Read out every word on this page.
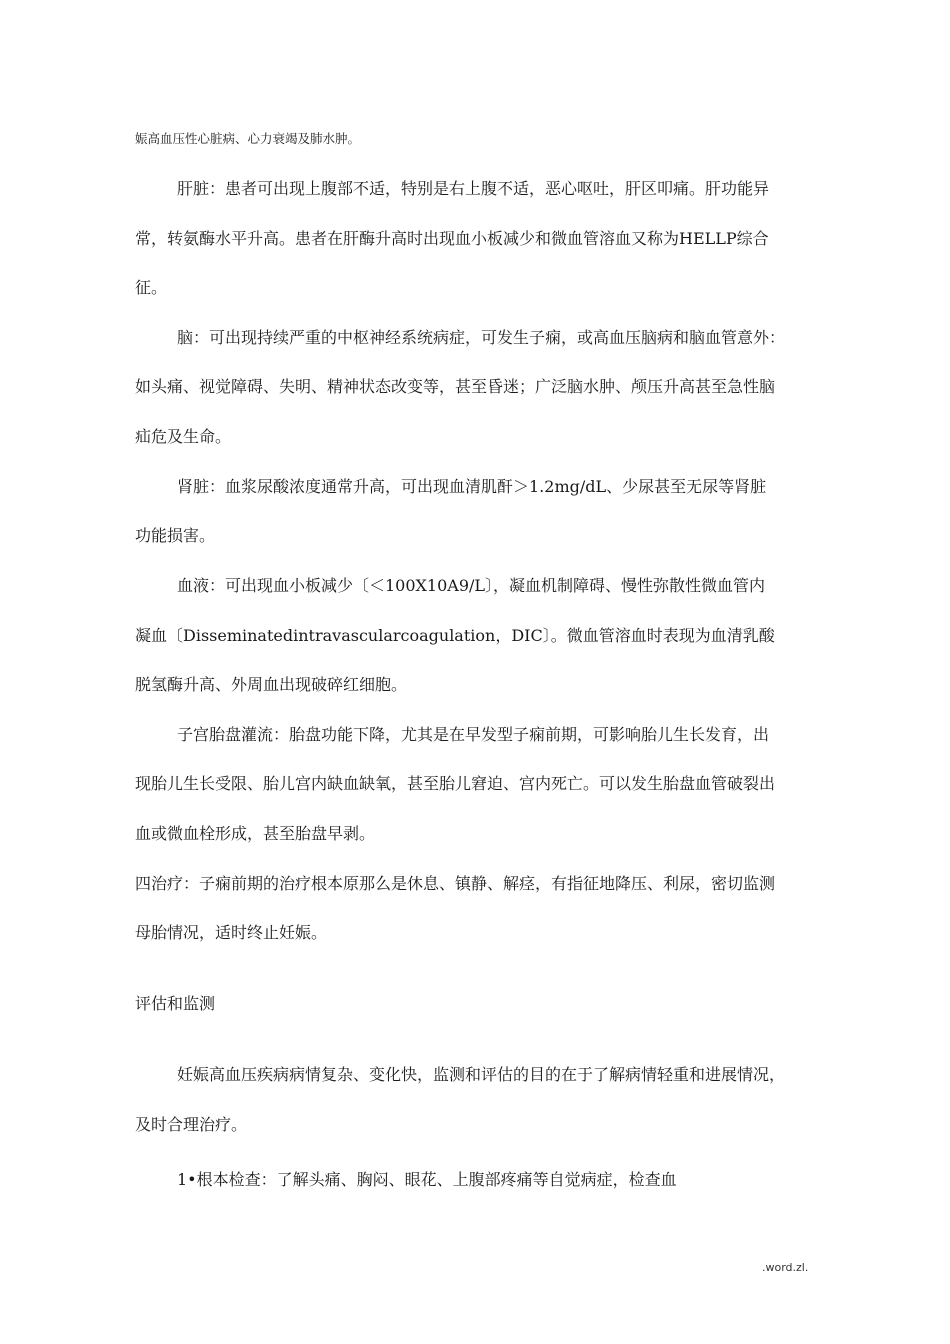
娠高血压性心脏病、心力衰竭及肺水肿。
肝脏：患者可出现上腹部不适，特别是右上腹不适，恶心呕吐，肝区叩痛。肝功能异
常，转氨酶水平升高。患者在肝酶升高时出现血小板减少和微血管溶血又称为HELLP综合
征。
脑：可出现持续严重的中枢神经系统病症，可发生子痫，或高血压脑病和脑血管意外：
如头痛、视觉障碍、失明、精神状态改变等，甚至昏迷；广泛脑水肿、颅压升高甚至急性脑
疝危及生命。
肾脏：血浆尿酸浓度通常升高，可出现血清肌酐＞1.2mg/dL、少尿甚至无尿等肾脏
功能损害。
血液：可出现血小板减少〔＜100X10A9/L〕，凝血机制障碍、慢性弥散性微血管内
凝血〔Disseminatedintravascularcoagulation，DIC〕。微血管溶血时表现为血清乳酸
脱氢酶升高、外周血出现破碎红细胞。
子宫胎盘灌流：胎盘功能下降，尤其是在早发型子痫前期，可影响胎儿生长发育，出
现胎儿生长受限、胎儿宫内缺血缺氧，甚至胎儿窘迫、宫内死亡。可以发生胎盘血管破裂出
血或微血栓形成，甚至胎盘早剥。
四治疗：子痫前期的治疗根本原那么是休息、镇静、解痉，有指征地降压、利尿，密切监测
母胎情况，适时终止妊娠。
评估和监测
妊娠高血压疾病病情复杂、变化快，监测和评估的目的在于了解病情轻重和进展情况，
及时合理治疗。
1•根本检查：了解头痛、胸闷、眼花、上腹部疼痛等自觉病症，检查血
.word.zl.
